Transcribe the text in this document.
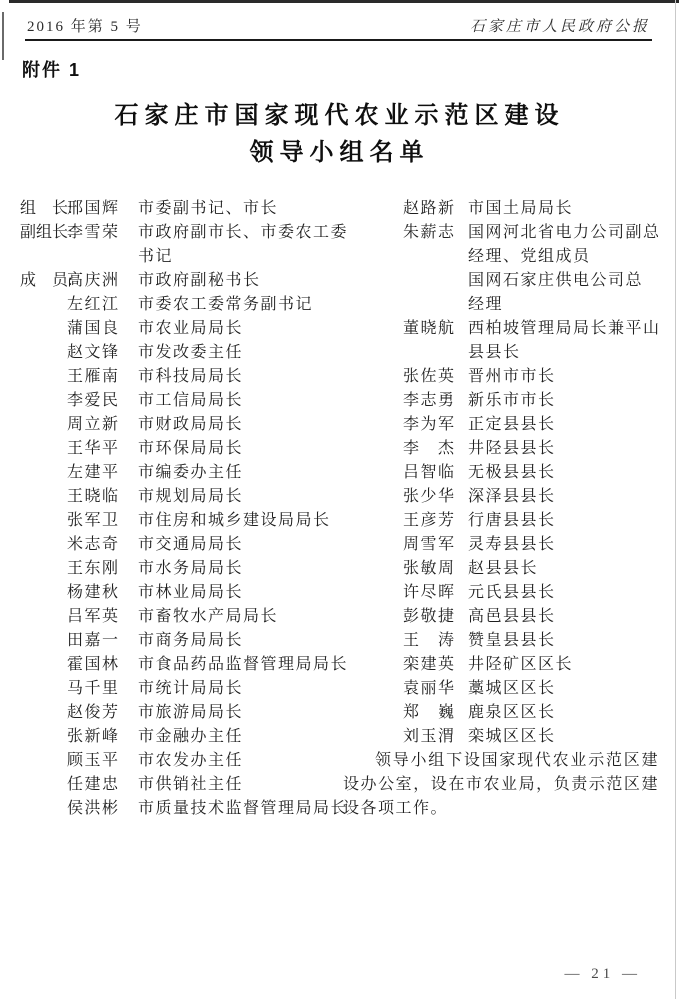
2016 年第 5 号	石家庄市人民政府公报
附件 1
石家庄市国家现代农业示范区建设
领导小组名单
组　长:
邢国辉 市委副书记、市长
副组长:
李雪荣 市政府副市长、市委农工委
书记
成　员:
高庆洲 市政府副秘书长
左红江 市委农工委常务副书记
蒲国良 市农业局局长
赵文锋 市发改委主任
王雁南 市科技局局长
李爱民 市工信局局长
周立新 市财政局局长
王华平 市环保局局长
左建平 市编委办主任
王晓临 市规划局局长
张军卫 市住房和城乡建设局局长
米志奇 市交通局局长
王东刚 市水务局局长
杨建秋 市林业局局长
吕军英 市畜牧水产局局长
田嘉一 市商务局局长
霍国林 市食品药品监督管理局局长
马千里 市统计局局长
赵俊芳 市旅游局局长
张新峰 市金融办主任
顾玉平 市农发办主任
任建忠 市供销社主任
侯洪彬 市质量技术监督管理局局长
赵路新 市国土局局长
朱薪志 国网河北省电力公司副总
经理、党组成员
国网石家庄供电公司总
经理
董晓航 西柏坡管理局局长兼平山
县县长
张佐英 晋州市市长
李志勇 新乐市市长
李为军 正定县县长
李　杰 井陉县县长
吕智临 无极县县长
张少华 深泽县县长
王彦芳 行唐县县长
周雪军 灵寿县县长
张敏周 赵县县长
许尽晖 元氏县县长
彭敬捷 高邑县县长
王　涛 赞皇县县长
栾建英 井陉矿区区长
袁丽华 藁城区区长
郑　巍 鹿泉区区长
刘玉渭 栾城区区长

领导小组下设国家现代农业示范区建设办公室，设在市农业局，负责示范区建设各项工作。

— 21 —
